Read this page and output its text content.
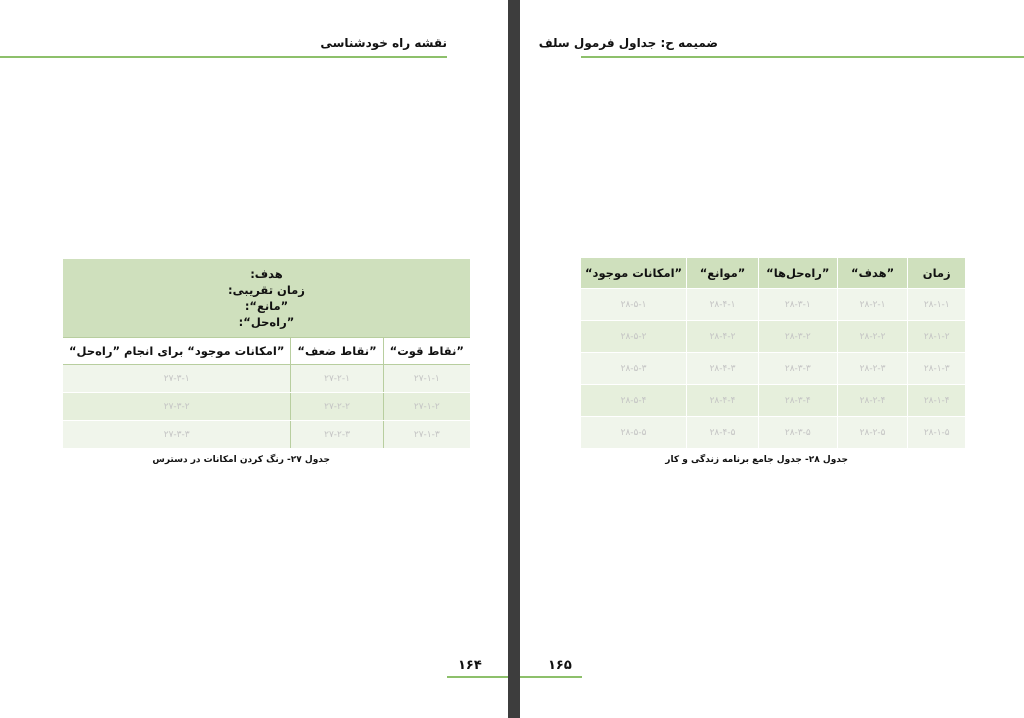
نقشه راه خودشناسی
هدف:
زمان تقریبی:
”مانع“:
”راه‌حل“:		

”نقاط قوت“	”نقاط ضعف“	”امکانات موجود“ برای انجام ”راه‌حل“
۲۷-۱-۱	۲۷-۲-۱	۲۷-۳-۱
۲۷-۱-۲	۲۷-۲-۲	۲۷-۳-۲
۲۷-۱-۳	۲۷-۲-۳	۲۷-۳-۳
جدول ۲۷- رنگ کردن امکانات در دسترس
۱۶۴
ضمیمه ح: جداول فرمول سلف
۱۶۵
زمان	”هدف“	”راه‌حل‌ها“	”موانع“	”امکانات موجود“
۲۸-۱-۱	۲۸-۲-۱	۲۸-۳-۱	۲۸-۴-۱	۲۸-۵-۱
۲۸-۱-۲	۲۸-۲-۲	۲۸-۳-۲	۲۸-۴-۲	۲۸-۵-۲
۲۸-۱-۳	۲۸-۲-۳	۲۸-۳-۳	۲۸-۴-۳	۲۸-۵-۳
۲۸-۱-۴	۲۸-۲-۴	۲۸-۳-۴	۲۸-۴-۴	۲۸-۵-۴
۲۸-۱-۵	۲۸-۲-۵	۲۸-۳-۵	۲۸-۴-۵	۲۸-۵-۵
جدول ۲۸- جدول جامع برنامه زندگی و کار
